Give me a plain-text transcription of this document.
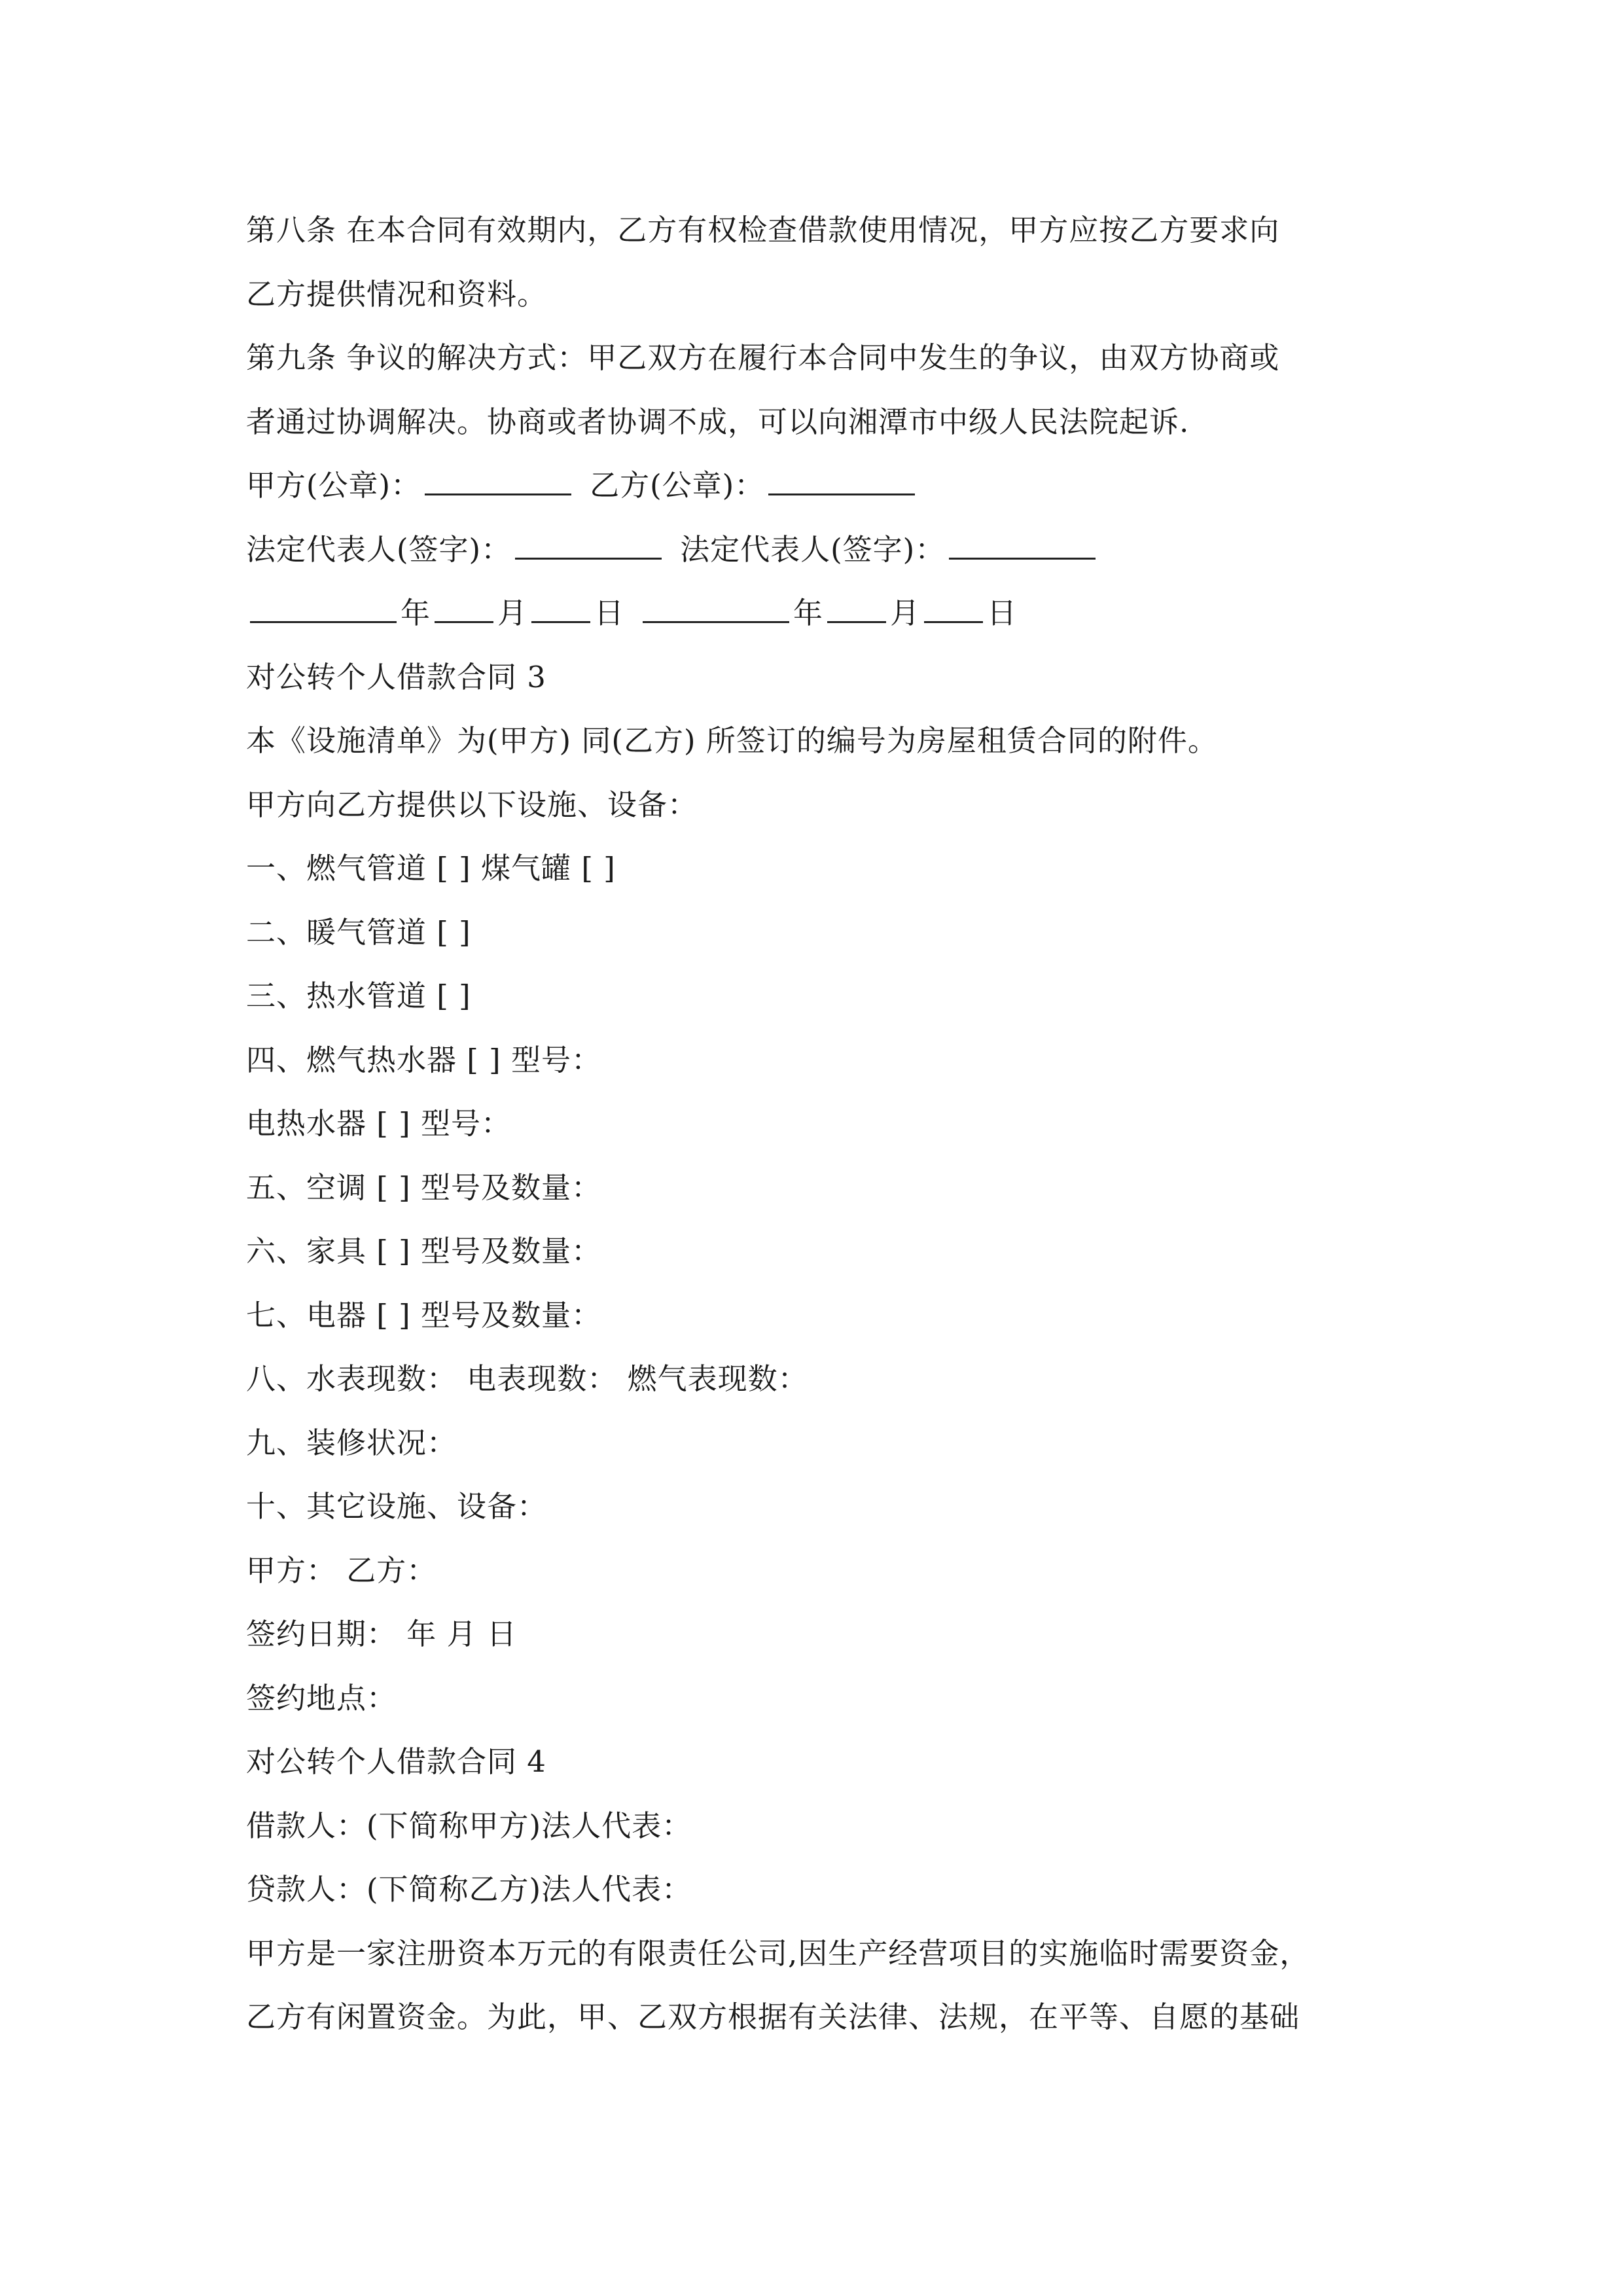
第八条 在本合同有效期内，乙方有权检查借款使用情况，甲方应按乙方要求向
乙方提供情况和资料。
第九条 争议的解决方式：甲乙双方在履行本合同中发生的争议，由双方协商或
者通过协调解决。协商或者协调不成，可以向湘潭市中级人民法院起诉.
甲方(公章)：	乙方(公章)：
法定代表人(签字)：	法定代表人(签字)：
年 月 日	年 月 日
对公转个人借款合同 3
本《设施清单》为(甲方) 同(乙方) 所签订的编号为房屋租赁合同的附件。
甲方向乙方提供以下设施、设备：
一、燃气管道 [ ] 煤气罐 [ ]
二、暖气管道 [ ]
三、热水管道 [ ]
四、燃气热水器 [ ] 型号：
电热水器 [ ] 型号：
五、空调 [ ] 型号及数量：
六、家具 [ ] 型号及数量：
七、电器 [ ] 型号及数量：
八、水表现数： 电表现数： 燃气表现数：
九、装修状况：
十、其它设施、设备：
甲方： 乙方：
签约日期： 年 月 日
签约地点：
对公转个人借款合同 4
借款人：(下简称甲方)法人代表：
贷款人：(下简称乙方)法人代表：
甲方是一家注册资本万元的有限责任公司,因生产经营项目的实施临时需要资金，
乙方有闲置资金。为此，甲、乙双方根据有关法律、法规，在平等、自愿的基础
